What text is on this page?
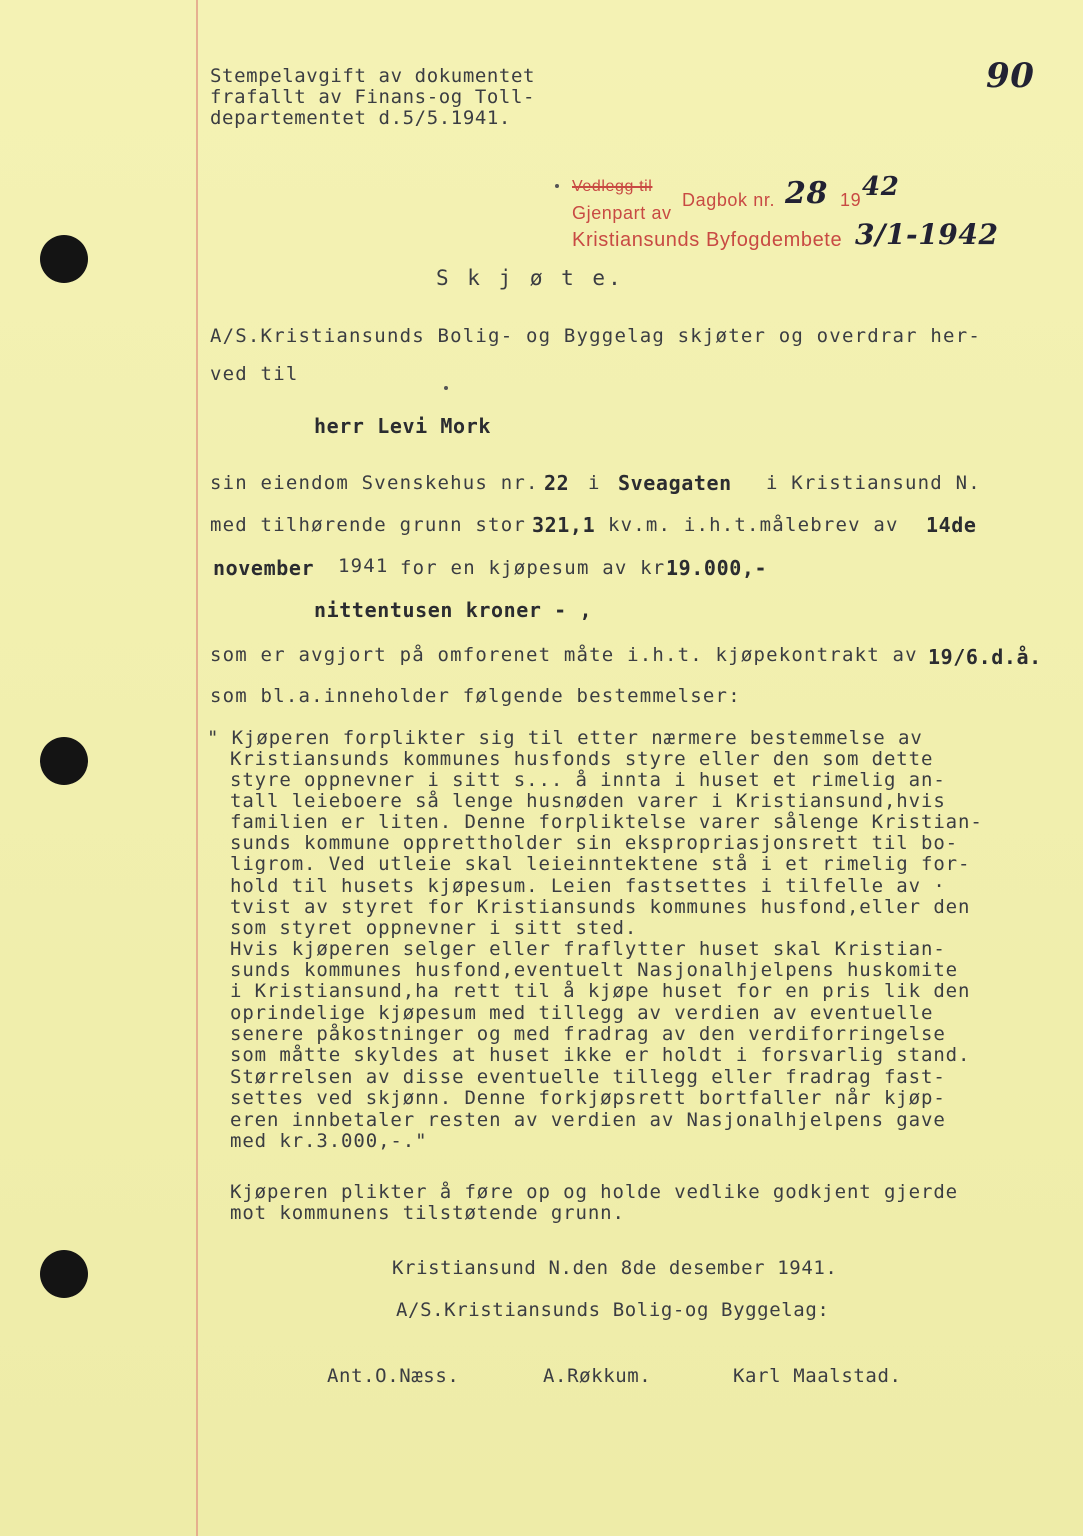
90
Stempelavgift av dokumentet
frafallt av Finans-og Toll-
departementet d.5/5.1941.
Vedlegg til
Dagbok nr. 28 19 42
Gjenpart av
Kristiansunds Byfogdembete 3/1-1942
S k j ø t e.
A/S.Kristiansunds Bolig- og Byggelag skjøter og overdrar her-
ved til
herr Levi Mork
sin eiendom Svenskehus nr. 22 i Sveagaten i Kristiansund N.
med tilhørende grunn stor 321,1 kv.m. i.h.t.målebrev av 14de
november 1941 for en kjøpesum av kr.
19.000,-
nittentusen kroner - ,
som er avgjort på omforenet måte i.h.t. kjøpekontrakt av 19/6.d.å.
som bl.a.inneholder følgende bestemmelser:
" Kjøperen forplikter sig til etter nærmere bestemmelse av
Kristiansunds kommunes husfonds styre eller den som dette
styre oppnevner i sitt s... å innta i huset et rimelig an-
tall leieboere så lenge husnøden varer i Kristiansund,hvis
familien er liten. Denne forpliktelse varer sålenge Kristian-
sunds kommune opprettholder sin ekspropriasjonsrett til bo-
ligrom. Ved utleie skal leieinntektene stå i et rimelig for-
hold til husets kjøpesum. Leien fastsettes i tilfelle av ·
tvist av styret for Kristiansunds kommunes husfond,eller den
som styret oppnevner i sitt sted.
Hvis kjøperen selger eller fraflytter huset skal Kristian-
sunds kommunes husfond,eventuelt Nasjonalhjelpens huskomite
i Kristiansund,ha rett til å kjøpe huset for en pris lik den
oprindelige kjøpesum med tillegg av verdien av eventuelle
senere påkostninger og med fradrag av den verdiforringelse
som måtte skyldes at huset ikke er holdt i forsvarlig stand.
Størrelsen av disse eventuelle tillegg eller fradrag fast-
settes ved skjønn. Denne forkjøpsrett bortfaller når kjøp-
eren innbetaler resten av verdien av Nasjonalhjelpens gave
med kr.3.000,-."
Kjøperen plikter å føre op og holde vedlike godkjent gjerde
mot kommunens tilstøtende grunn.
Kristiansund N.den 8de desember 1941.
A/S.Kristiansunds Bolig-og Byggelag:
Ant.O.Næss.	A.Røkkum.	Karl Maalstad.
